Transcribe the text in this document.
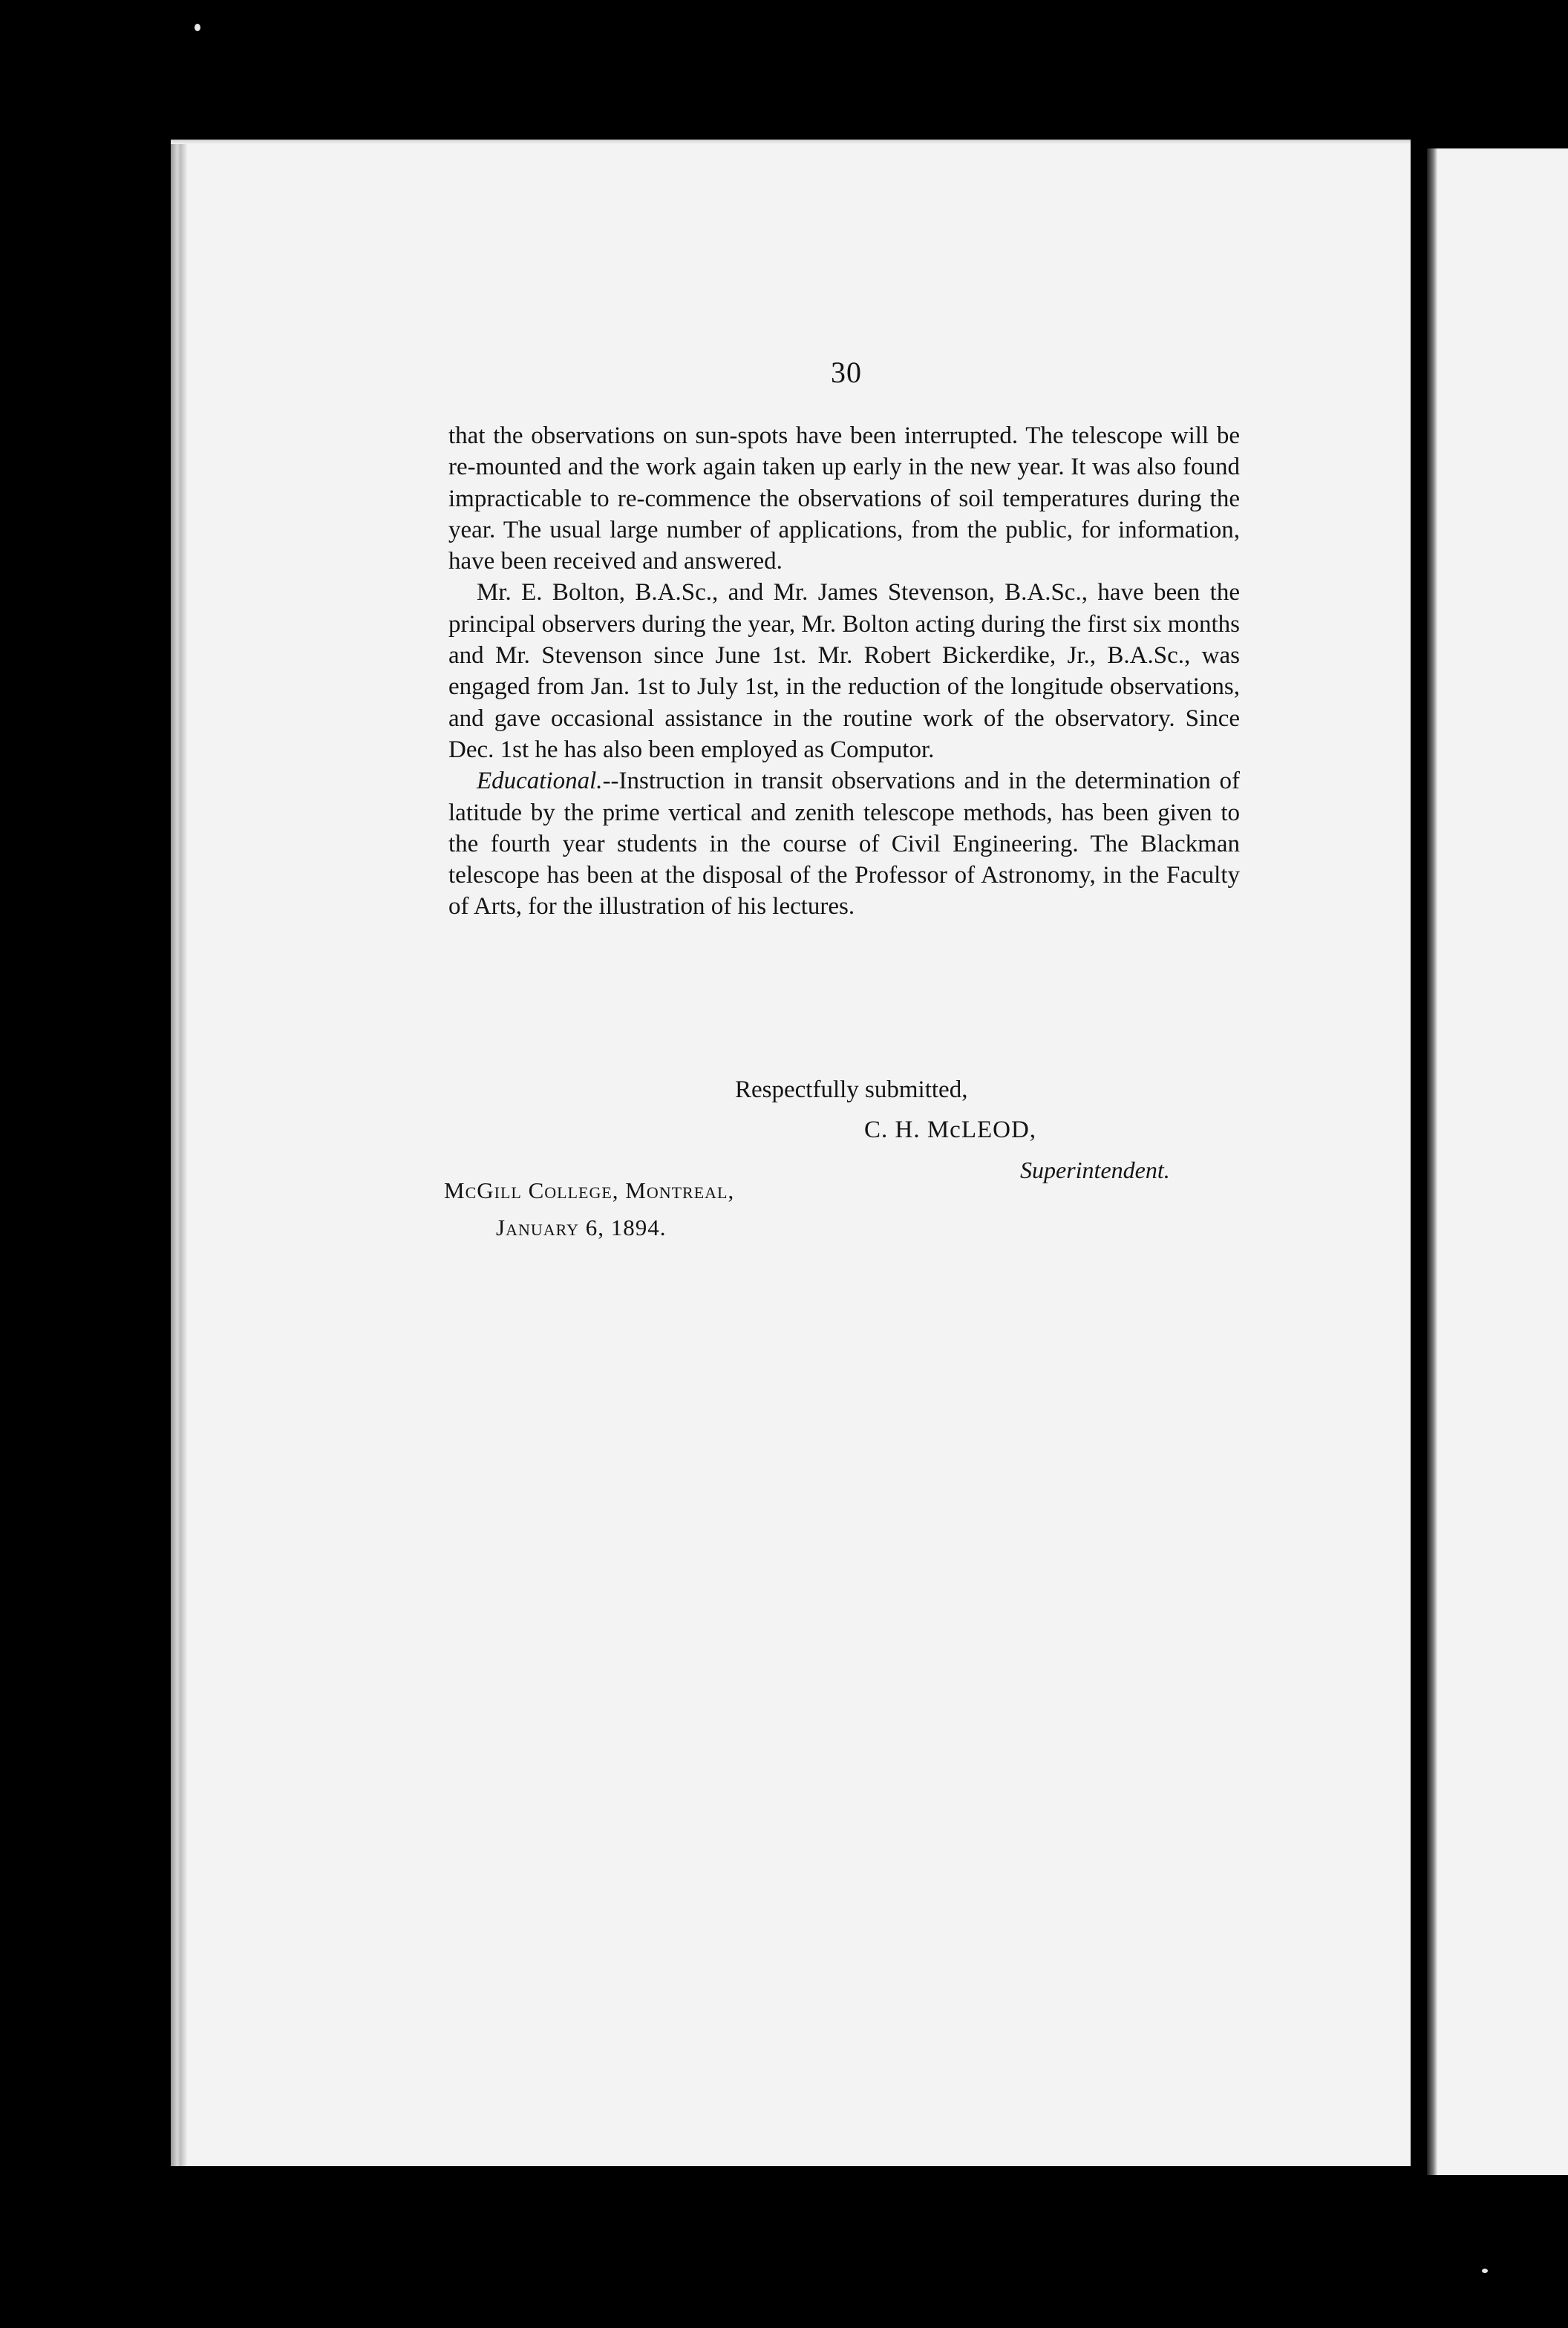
30

that the observations on sun-spots have been interrupted. The telescope will be re-mounted and the work again taken up early in the new year. It was also found impracticable to re-commence the observations of soil temperatures during the year. The usual large number of applications, from the public, for information, have been received and answered.

Mr. E. Bolton, B.A.Sc., and Mr. James Stevenson, B.A.Sc., have been the principal observers during the year, Mr. Bolton acting during the first six months and Mr. Stevenson since June 1st. Mr. Robert Bickerdike, Jr., B.A.Sc., was engaged from Jan. 1st to July 1st, in the reduction of the longitude observations, and gave occasional assistance in the routine work of the observatory. Since Dec. 1st he has also been employed as Computor.

Educational.--Instruction in transit observations and in the determination of latitude by the prime vertical and zenith telescope methods, has been given to the fourth year students in the course of Civil Engineering. The Blackman telescope has been at the disposal of the Professor of Astronomy, in the Faculty of Arts, for the illustration of his lectures.

Respectfully submitted,
C. H. McLEOD,
Superintendent.
McGill College, Montreal,
January 6, 1894.
